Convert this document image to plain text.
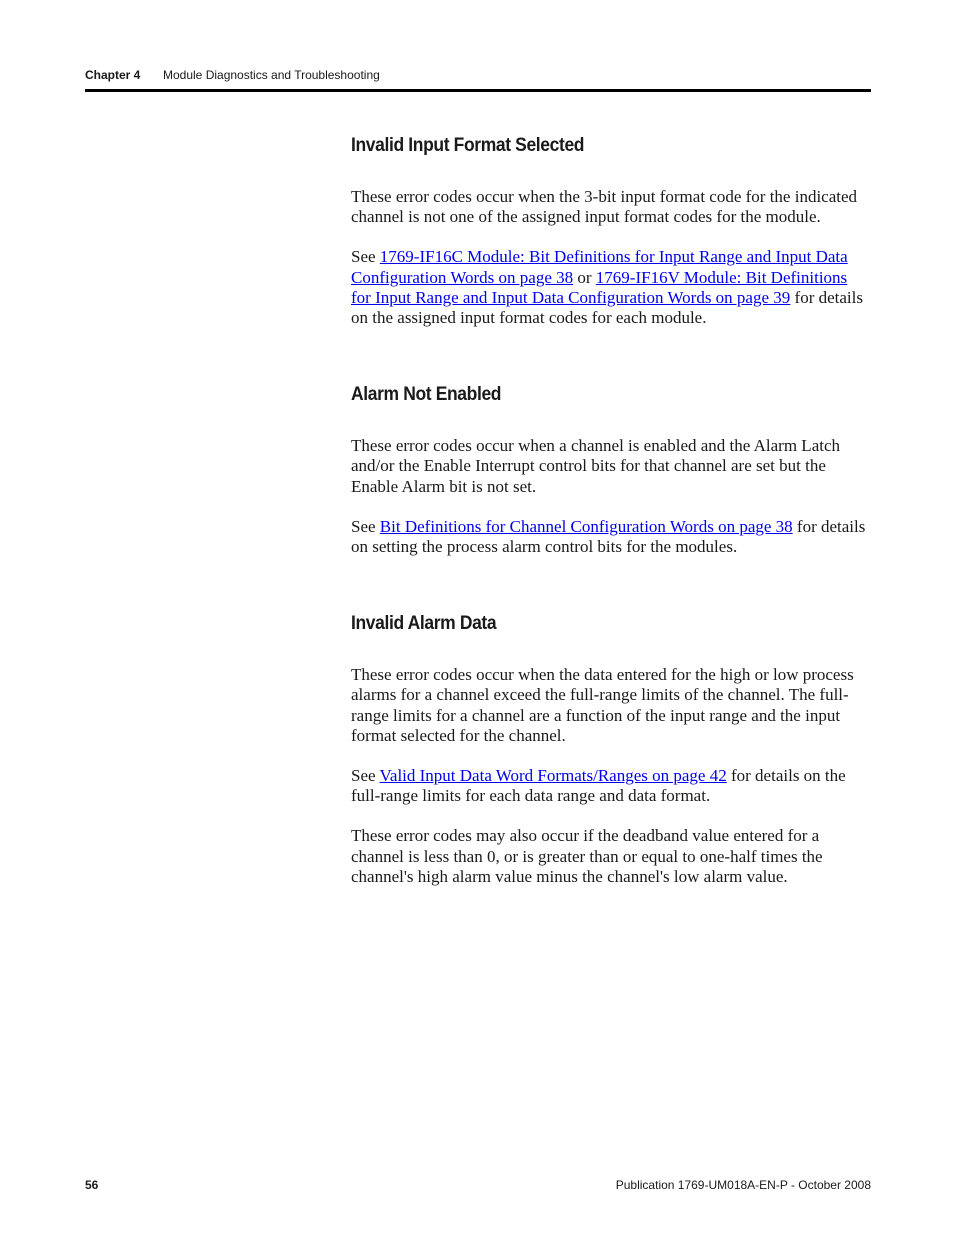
Chapter 4 Module Diagnostics and Troubleshooting
Invalid Input Format Selected

These error codes occur when the 3-bit input format code for the indicated channel is not one of the assigned input format codes for the module.

See 1769-IF16C Module: Bit Definitions for Input Range and Input Data Configuration Words on page 38 or 1769-IF16V Module: Bit Definitions for Input Range and Input Data Configuration Words on page 39 for details on the assigned input format codes for each module.

Alarm Not Enabled

These error codes occur when a channel is enabled and the Alarm Latch and/or the Enable Interrupt control bits for that channel are set but the Enable Alarm bit is not set.

See Bit Definitions for Channel Configuration Words on page 38 for details on setting the process alarm control bits for the modules.

Invalid Alarm Data

These error codes occur when the data entered for the high or low process alarms for a channel exceed the full-range limits of the channel. The full-range limits for a channel are a function of the input range and the input format selected for the channel.

See Valid Input Data Word Formats/Ranges on page 42 for details on the full-range limits for each data range and data format.

These error codes may also occur if the deadband value entered for a channel is less than 0, or is greater than or equal to one-half times the channel's high alarm value minus the channel's low alarm value.

56	Publication 1769-UM018A-EN-P - October 2008
